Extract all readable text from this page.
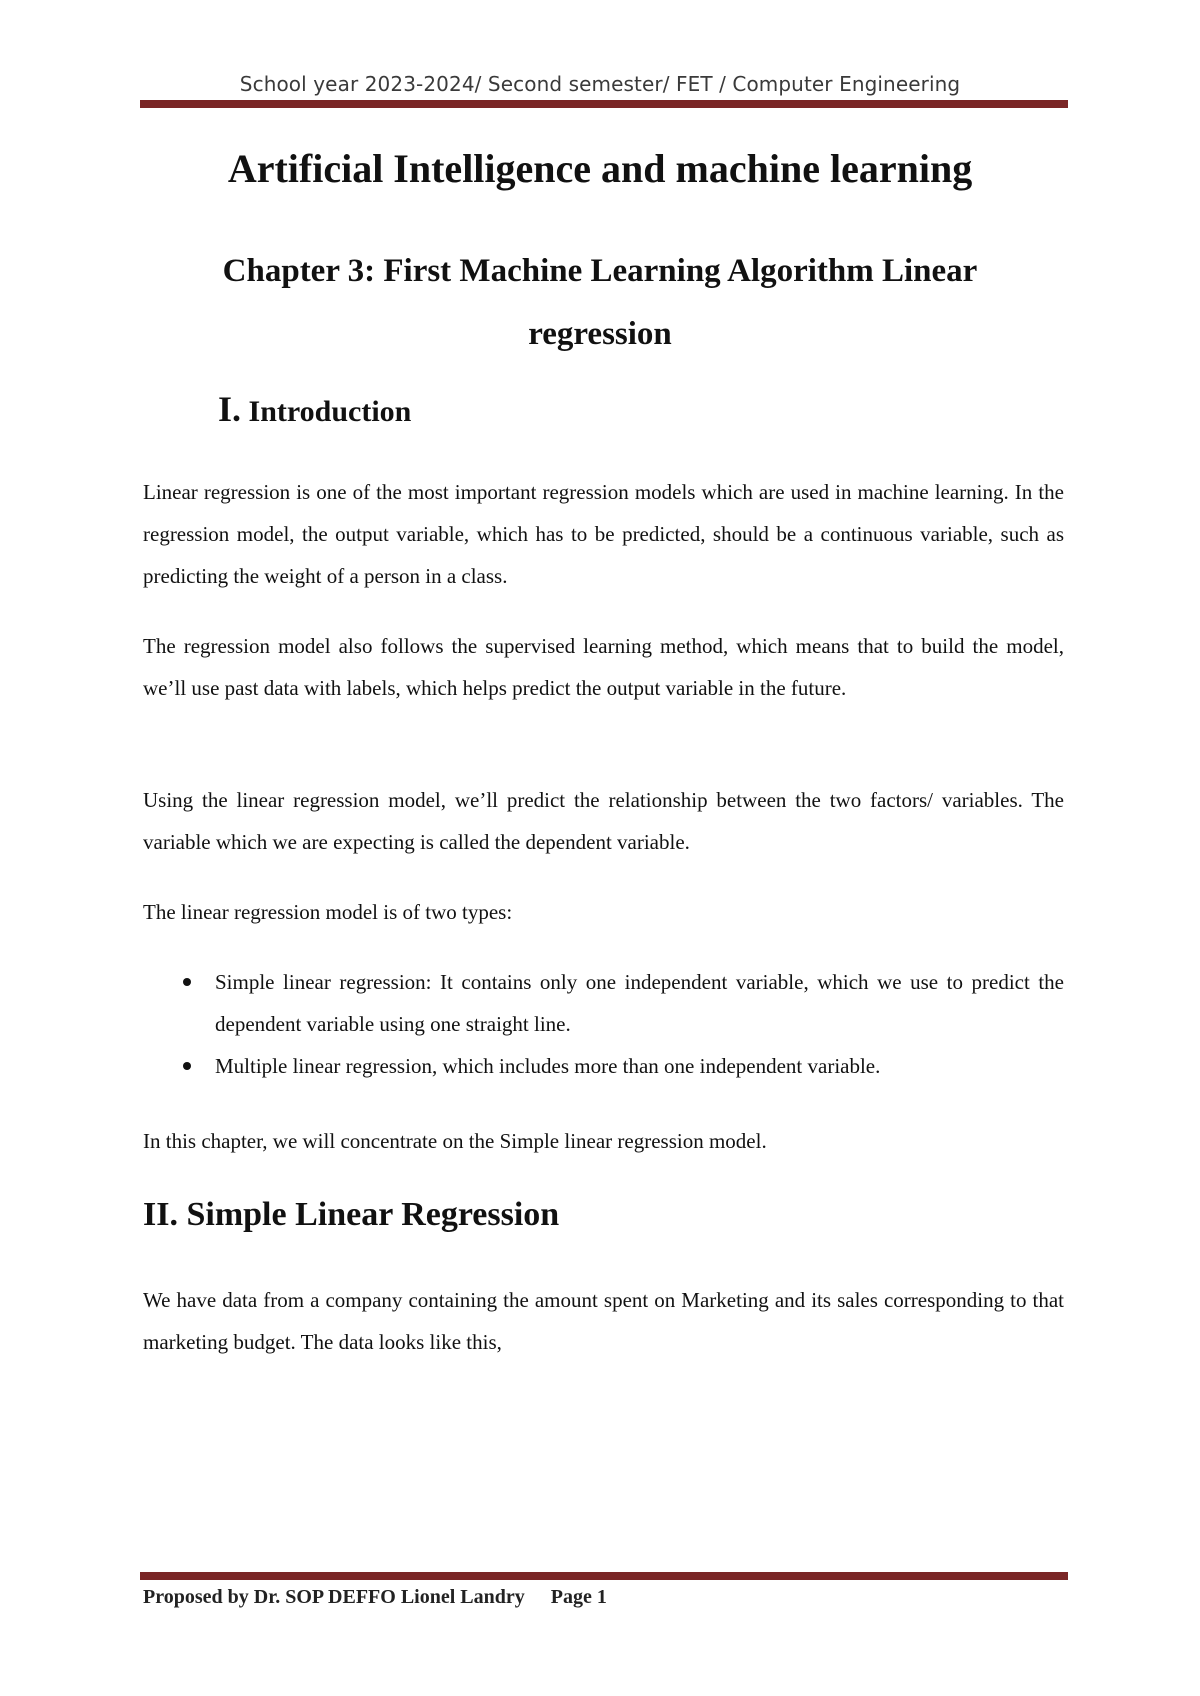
School year 2023-2024/ Second semester/ FET / Computer Engineering
Artificial Intelligence and machine learning
Chapter 3: First Machine Learning Algorithm Linear regression
I. Introduction

Linear regression is one of the most important regression models which are used in machine learning. In the regression model, the output variable, which has to be predicted, should be a continuous variable, such as predicting the weight of a person in a class.

The regression model also follows the supervised learning method, which means that to build the model, we’ll use past data with labels, which helps predict the output variable in the future.

Using the linear regression model, we’ll predict the relationship between the two factors/ variables. The variable which we are expecting is called the dependent variable.

The linear regression model is of two types:

Simple linear regression: It contains only one independent variable, which we use to predict the dependent variable using one straight line.
Multiple linear regression, which includes more than one independent variable.

In this chapter, we will concentrate on the Simple linear regression model.

II. Simple Linear Regression

We have data from a company containing the amount spent on Marketing and its sales corresponding to that marketing budget. The data looks like this,

Proposed by Dr. SOP DEFFO Lionel Landry Page 1
